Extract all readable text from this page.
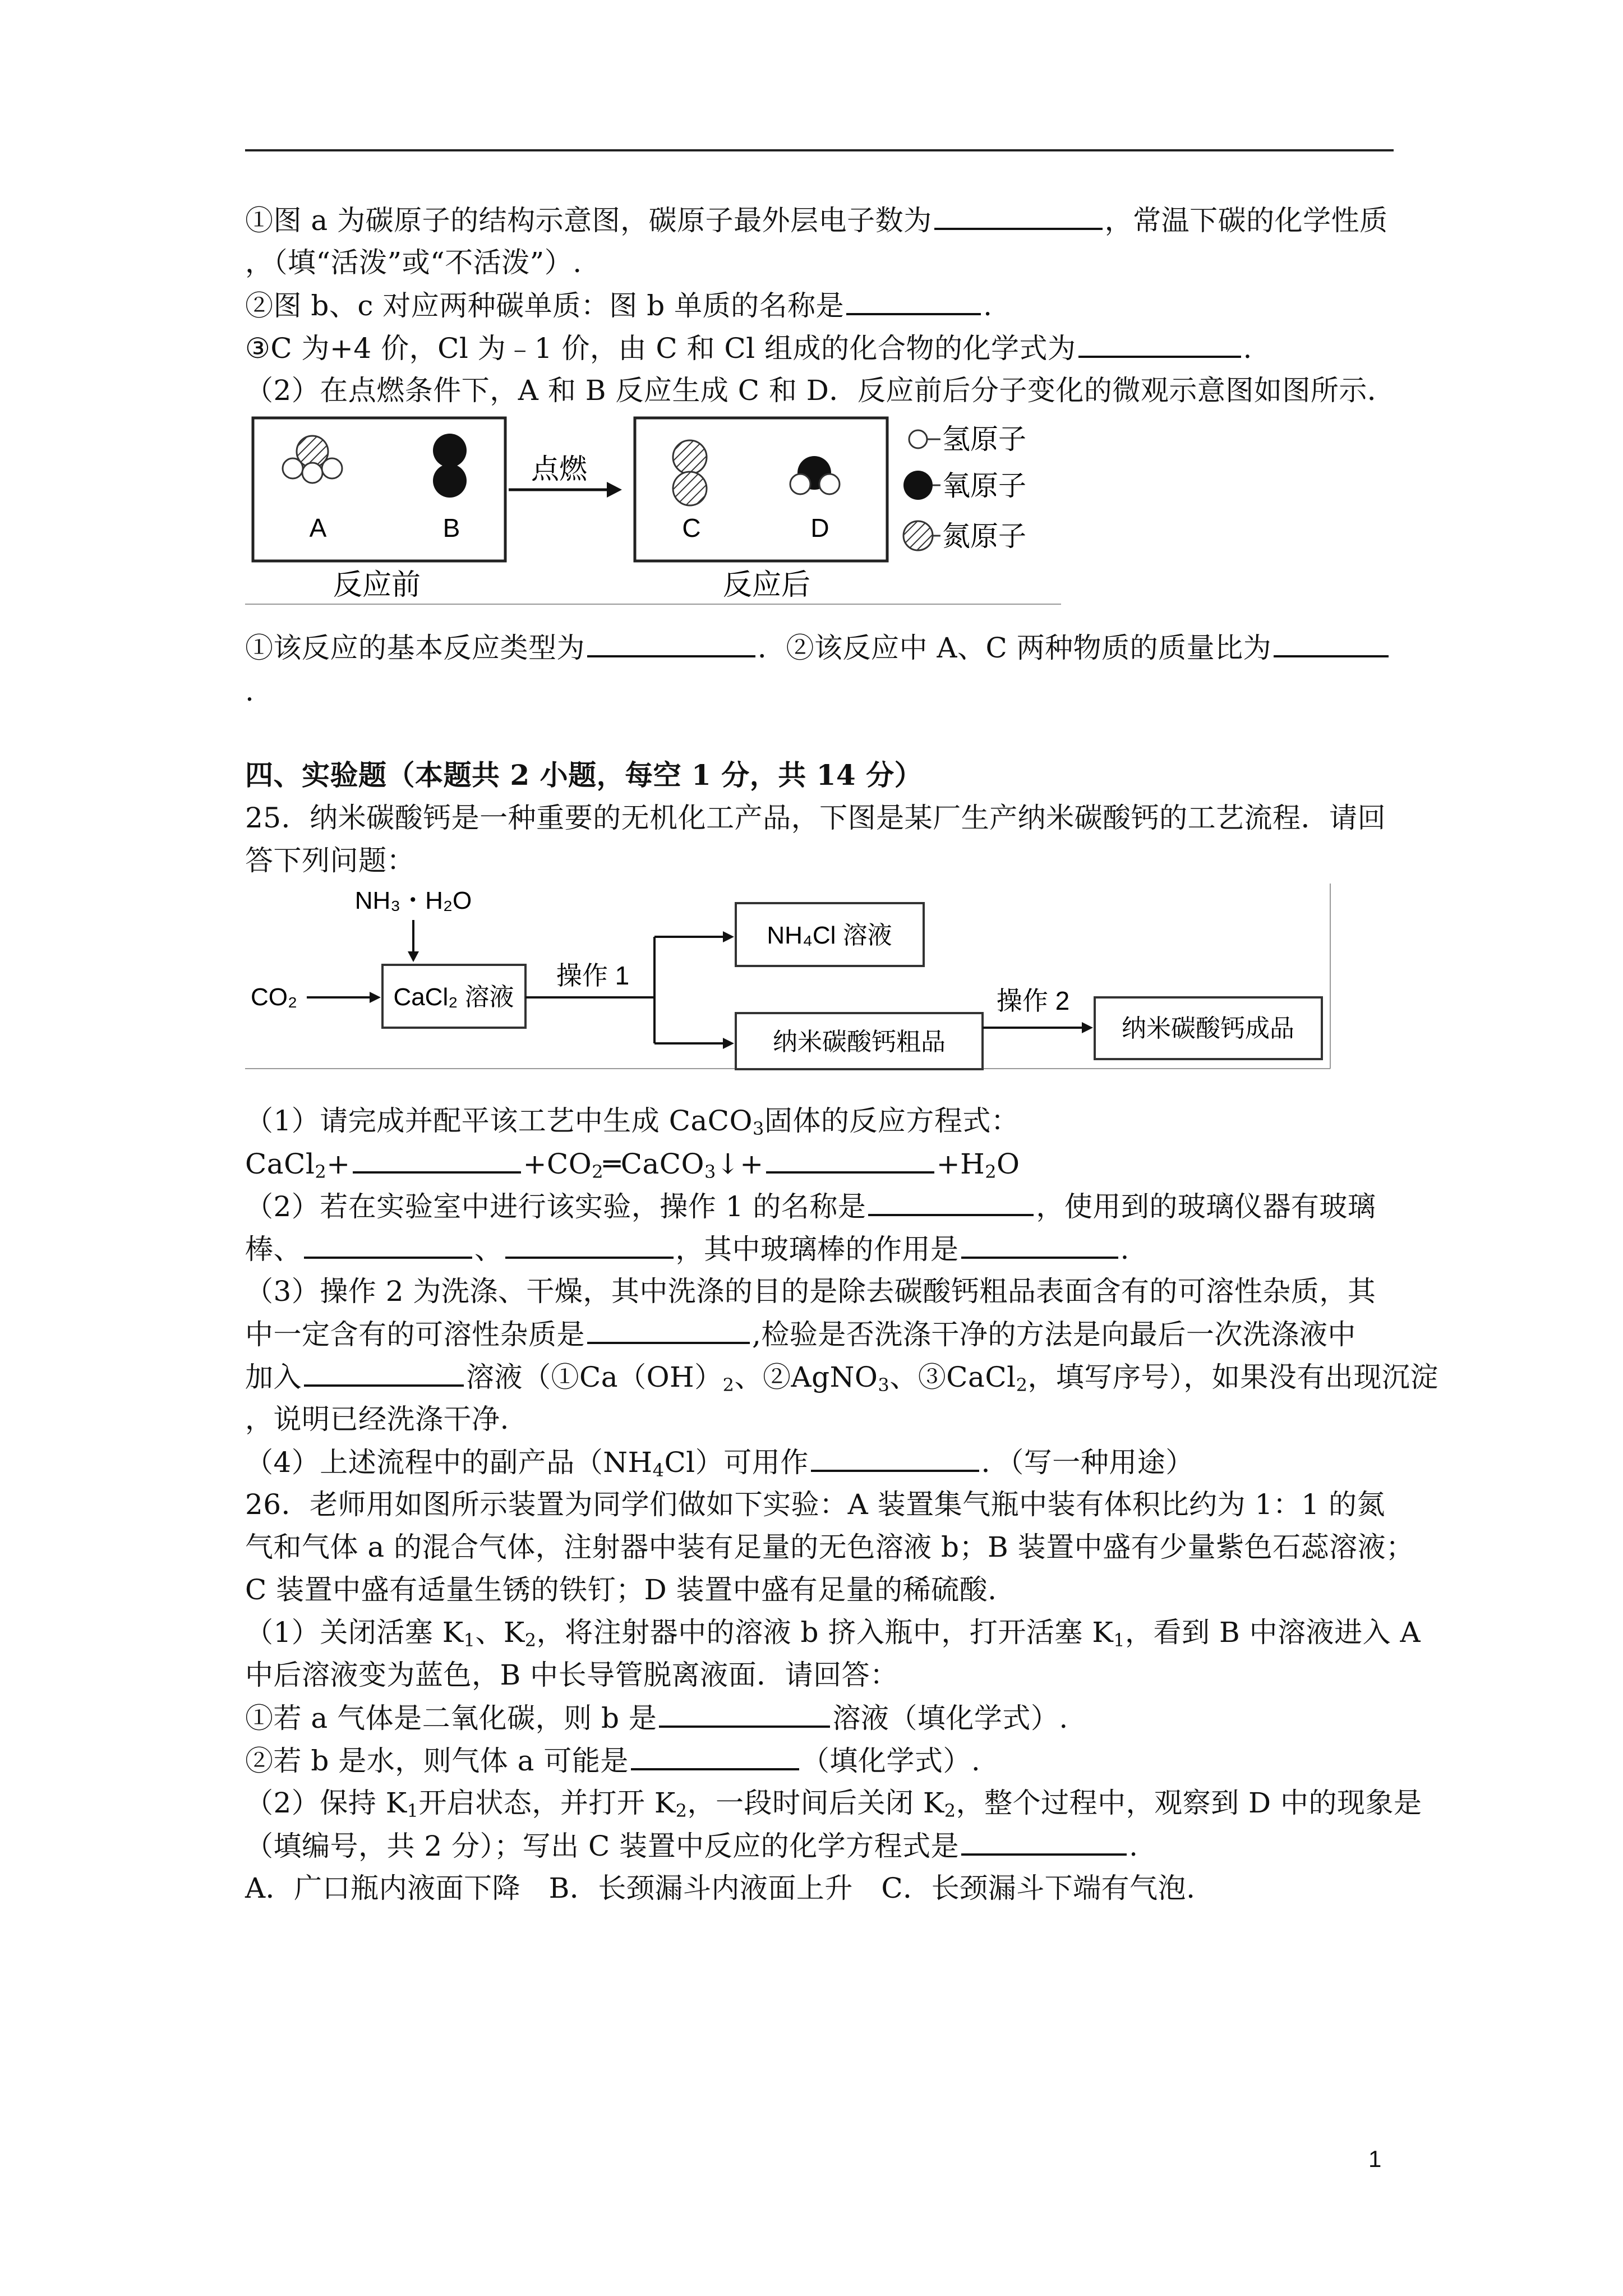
①图 a 为碳原子的结构示意图，碳原子最外层电子数为	，常温下碳的化学性质
，（填“活泼”或“不活泼”）.
②图 b、c 对应两种碳单质：图 b 单质的名称是	.
③C 为+4 价，Cl 为﹣1 价，由 C 和 Cl 组成的化合物的化学式为	.
（2）在点燃条件下，A 和 B 反应生成 C 和 D．反应前后分子变化的微观示意图如图所示．
A	B
反应前
点燃
C	D
反应后
氢原子
氧原子
氮原子
①该反应的基本反应类型为	．②该反应中 A、C 两种物质的质量比为
.
四、实验题（本题共 2 小题，每空 1 分，共 14 分）
25．纳米碳酸钙是一种重要的无机化工产品，下图是某厂生产纳米碳酸钙的工艺流程．请回
答下列问题：
NH₃・H₂O
CO₂	CaCl₂ 溶液
操作 1
NH₄Cl 溶液
纳米碳酸钙粗品
操作 2
纳米碳酸钙成品
（1）请完成并配平该工艺中生成 CaCO$_3$固体的反应方程式：
CaCl$_2$+	$+CO_2═CaCO_3↓+$	$+H_2O$
（2）若在实验室中进行该实验，操作 1 的名称是	，使用到的玻璃仪器有玻璃
棒、	、	，其中玻璃棒的作用是	.
（3）操作 2 为洗涤、干燥，其中洗涤的目的是除去碳酸钙粗品表面含有的可溶性杂质，其
中一定含有的可溶性杂质是	,检验是否洗涤干净的方法是向最后一次洗涤液中
加入	溶液（$①Ca(OH)_2$、②AgNO$_3$、③CaCl$_2$，填写序号），如果没有出现沉淀
，说明已经洗涤干净.
（4）上述流程中的副产品$(NH_4Cl)$可用作	．（写一种用途）
26．老师用如图所示装置为同学们做如下实验：A 装置集气瓶中装有体积比约为 1：1 的氮
气和气体 a 的混合气体，注射器中装有足量的无色溶液 b；B 装置中盛有少量紫色石蕊溶液；
C 装置中盛有适量生锈的铁钉；D 装置中盛有足量的稀硫酸.
（1）关闭活塞 $K_1$、$K_2$，将注射器中的溶液 b 挤入瓶中，打开活塞 $K_1$，看到 B 中溶液进入 A
中后溶液变为蓝色，B 中长导管脱离液面．请回答：
①若 a 气体是二氧化碳，则 b 是	溶液（填化学式）.
②若 b 是水，则气体 a 可能是	（填化学式）.
（2）保持 $K_1$开启状态，并打开 $K_2$，一段时间后关闭 $K_2$，整个过程中，观察到 D 中的现象是
（填编号，共 2 分）；写出 C 装置中反应的化学方程式是	.
A．广口瓶内液面下降　B．长颈漏斗内液面上升　C．长颈漏斗下端有气泡.
1
